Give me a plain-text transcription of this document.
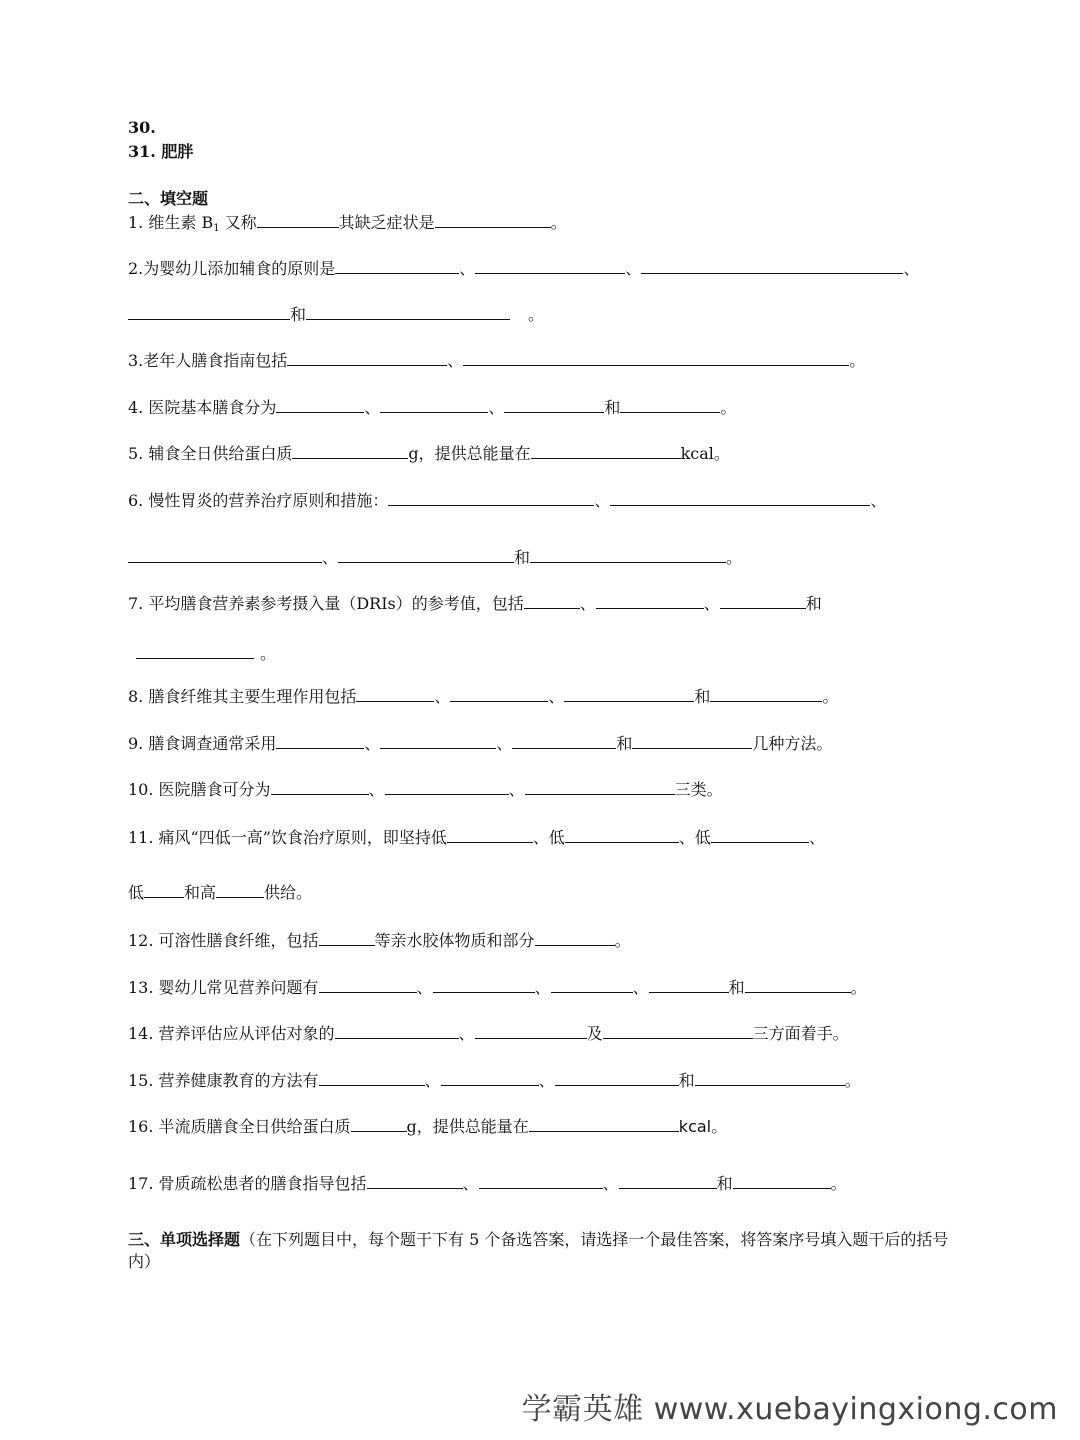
30.
31. 肥胖
二、填空题
1. 维生素 $B_1$ 又称	其缺乏症状是	。
2.为婴幼儿添加辅食的原则是	、	、	、
和	。
3.老年人膳食指南包括	、	。
4. 医院基本膳食分为	、	、	和	。
5. 辅食全日供给蛋白质	g，提供总能量在	kcal。
6. 慢性胃炎的营养治疗原则和措施：	、	、
、	和	。
7. 平均膳食营养素参考摄入量（DRIs）的参考值，包括	、	、	和
。
8. 膳食纤维其主要生理作用包括	、	、	和	。
9. 膳食调查通常采用	、	、	和	几种方法。
10. 医院膳食可分为	、	、	三类。
11. 痛风“四低一高”饮食治疗原则，即坚持低	、低	、低	、
低	和高	供给。
12. 可溶性膳食纤维，包括	等亲水胶体物质和部分	。
13. 婴幼儿常见营养问题有	、	、	、	和	。
14. 营养评估应从评估对象的	、	及	三方面着手。
15. 营养健康教育的方法有	、	、	和	。
16. 半流质膳食全日供给蛋白质	g，提供总能量在	kcal。
17. 骨质疏松患者的膳食指导包括	、	、	和	。
三、单项选择题（在下列题目中，每个题干下有 5 个备选答案，请选择一个最佳答案，将答案序号填入题干后的括号内）
学霸英雄 www.xuebayingxiong.com
